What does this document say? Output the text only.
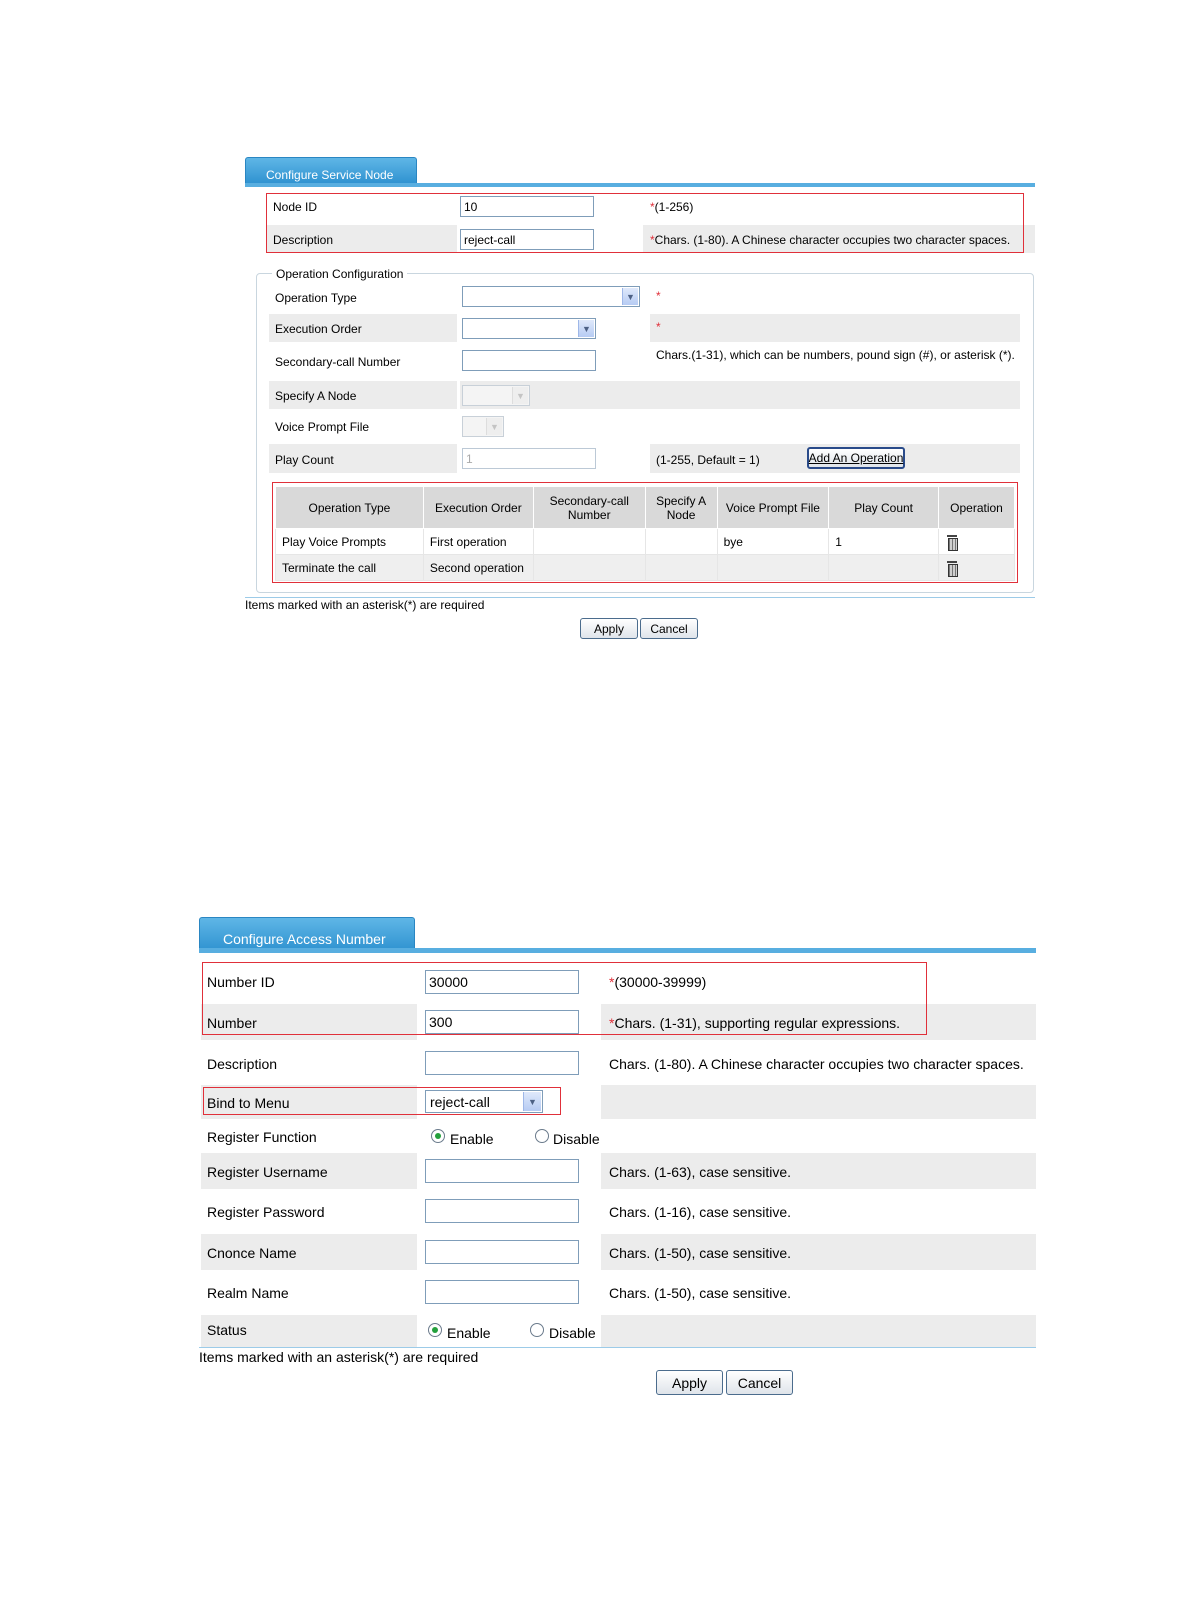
Configure Service Node
Node ID	10	*(1-256)
Description	reject-call	*Chars. (1-80). A Chinese character occupies two character spaces.
Operation Configuration
Operation Type	▼ *
Execution Order	▼	*
Secondary-call Number	Chars.(1-31), which can be numbers, pound sign (#), or asterisk (*).
Specify A Node	▼
Voice Prompt File	▼
Play Count	1	(1-255, Default = 1)	Add An Operation
Operation Type	Execution Order	Secondary-call Number	Specify A Node	Voice Prompt File	Play Count	Operation
Play Voice Prompts	First operation			bye	1	
Terminate the call	Second operation					
Items marked with an asterisk(*) are required
Apply	Cancel
Configure Access Number
Number ID	30000	*(30000-39999)
Number	300	*Chars. (1-31), supporting regular expressions.
Description	Chars. (1-80). A Chinese character occupies two character spaces.
Bind to Menu	reject-call	▼
Register Function	Enable	Disable
Register Username	Chars. (1-63), case sensitive.
Register Password	Chars. (1-16), case sensitive.
Cnonce Name	Chars. (1-50), case sensitive.
Realm Name	Chars. (1-50), case sensitive.
Status	Enable	Disable
Items marked with an asterisk(*) are required
Apply	Cancel
